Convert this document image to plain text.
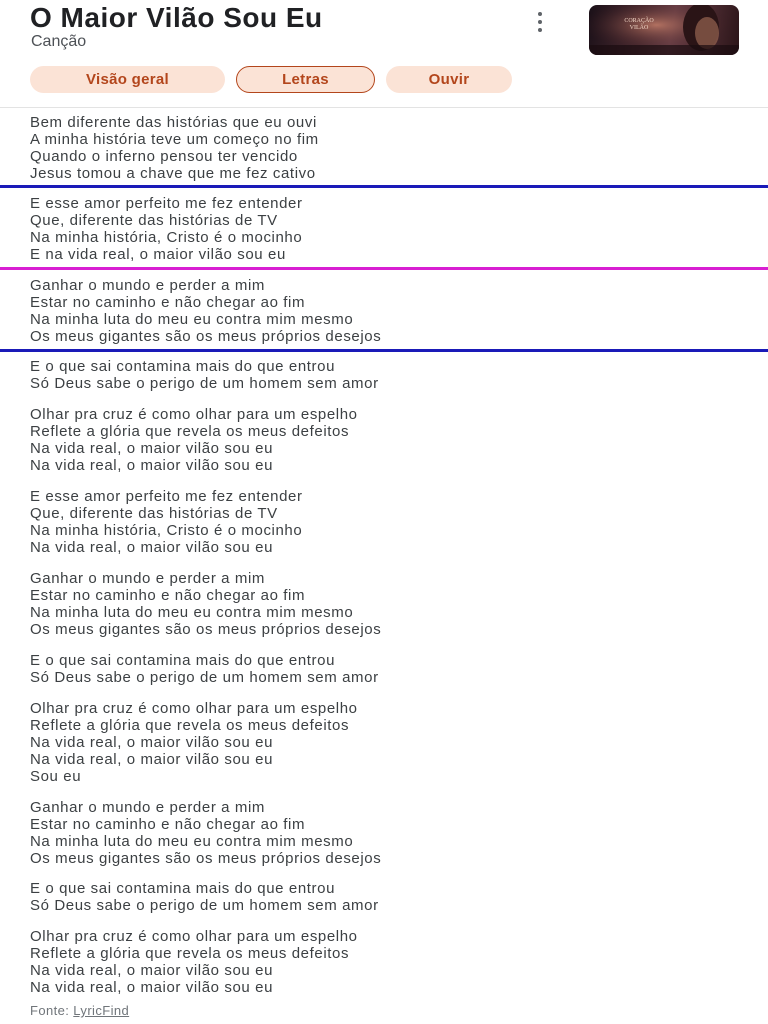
O Maior Vilão Sou Eu
Canção
CORAÇÃO VILÃO
Visão geral	Letras	Ouvir
Bem diferente das histórias que eu ouvi
A minha história teve um começo no fim
Quando o inferno pensou ter vencido
Jesus tomou a chave que me fez cativo
E esse amor perfeito me fez entender
Que, diferente das histórias de TV
Na minha história, Cristo é o mocinho
E na vida real, o maior vilão sou eu
Ganhar o mundo e perder a mim
Estar no caminho e não chegar ao fim
Na minha luta do meu eu contra mim mesmo
Os meus gigantes são os meus próprios desejos
E o que sai contamina mais do que entrou
Só Deus sabe o perigo de um homem sem amor
Olhar pra cruz é como olhar para um espelho
Reflete a glória que revela os meus defeitos
Na vida real, o maior vilão sou eu
Na vida real, o maior vilão sou eu
E esse amor perfeito me fez entender
Que, diferente das histórias de TV
Na minha história, Cristo é o mocinho
Na vida real, o maior vilão sou eu
Ganhar o mundo e perder a mim
Estar no caminho e não chegar ao fim
Na minha luta do meu eu contra mim mesmo
Os meus gigantes são os meus próprios desejos
E o que sai contamina mais do que entrou
Só Deus sabe o perigo de um homem sem amor
Olhar pra cruz é como olhar para um espelho
Reflete a glória que revela os meus defeitos
Na vida real, o maior vilão sou eu
Na vida real, o maior vilão sou eu
Sou eu
Ganhar o mundo e perder a mim
Estar no caminho e não chegar ao fim
Na minha luta do meu eu contra mim mesmo
Os meus gigantes são os meus próprios desejos
E o que sai contamina mais do que entrou
Só Deus sabe o perigo de um homem sem amor
Olhar pra cruz é como olhar para um espelho
Reflete a glória que revela os meus defeitos
Na vida real, o maior vilão sou eu
Na vida real, o maior vilão sou eu
Fonte: LyricFind
